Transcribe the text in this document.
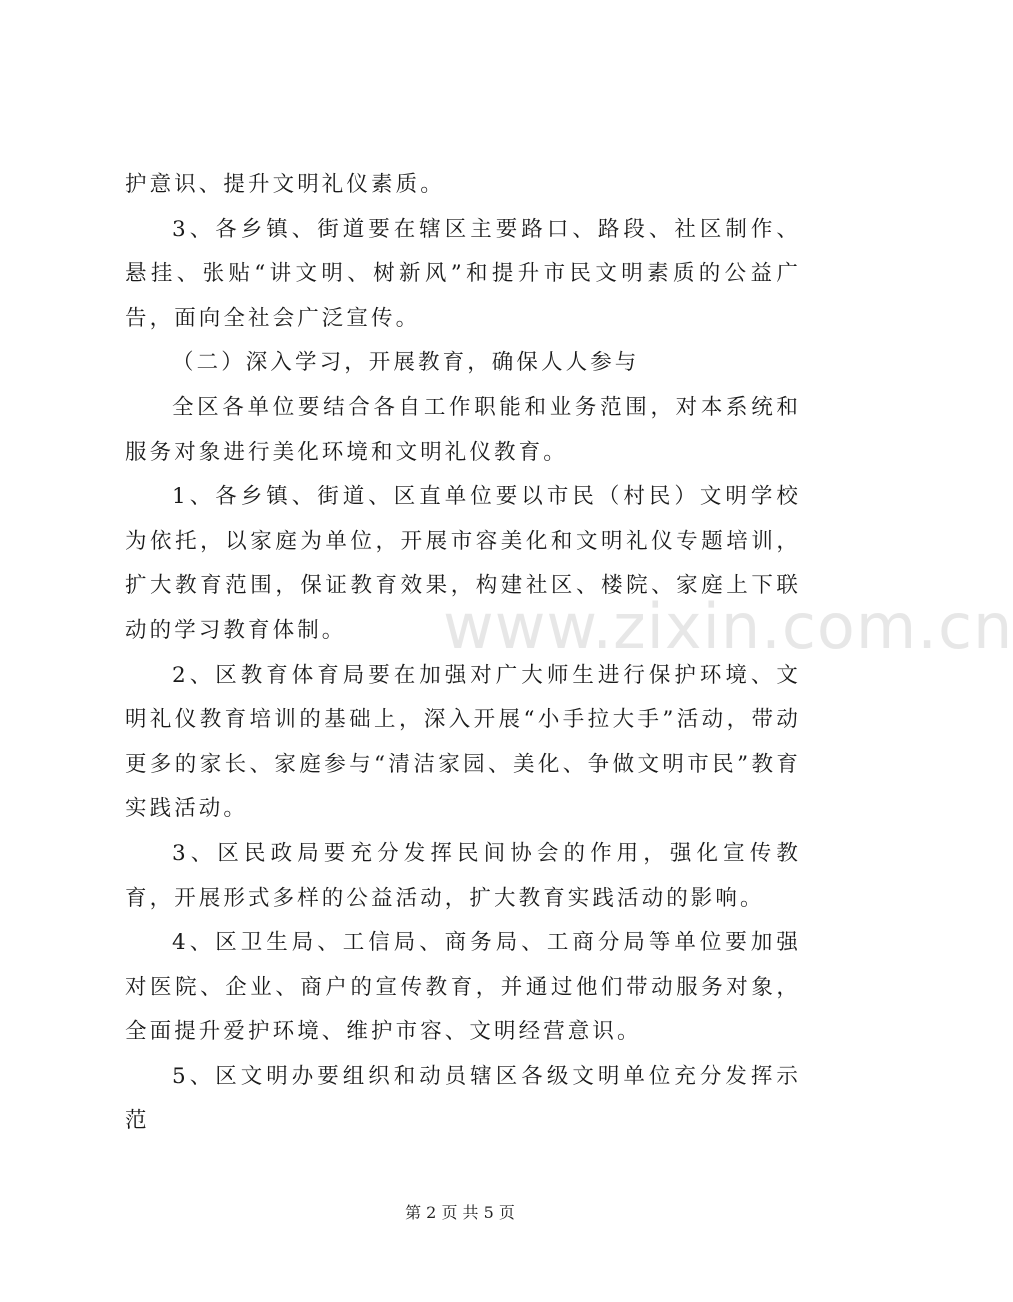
护意识、提升文明礼仪素质。

3、各乡镇、街道要在辖区主要路口、路段、社区制作、悬挂、张贴“讲文明、树新风”和提升市民文明素质的公益广告，面向全社会广泛宣传。

（二）深入学习，开展教育，确保人人参与

全区各单位要结合各自工作职能和业务范围，对本系统和服务对象进行美化环境和文明礼仪教育。

1、各乡镇、街道、区直单位要以市民（村民）文明学校为依托，以家庭为单位，开展市容美化和文明礼仪专题培训，扩大教育范围，保证教育效果，构建社区、楼院、家庭上下联动的学习教育体制。

2、区教育体育局要在加强对广大师生进行保护环境、文明礼仪教育培训的基础上，深入开展“小手拉大手”活动，带动更多的家长、家庭参与“清洁家园、美化、争做文明市民”教育实践活动。

3、区民政局要充分发挥民间协会的作用，强化宣传教育，开展形式多样的公益活动，扩大教育实践活动的影响。

4、区卫生局、工信局、商务局、工商分局等单位要加强对医院、企业、商户的宣传教育，并通过他们带动服务对象，全面提升爱护环境、维护市容、文明经营意识。

5、区文明办要组织和动员辖区各级文明单位充分发挥示范

www.zixin.com.cn
第 2 页 共 5 页
